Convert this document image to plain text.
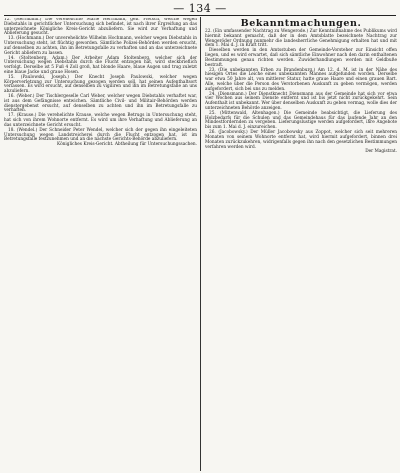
— 134 —

12. (Herrmann.) Die verehelichte Marie Herrmann, geb. Pietsch, welche wegen Diebstahls in gerichtlicher Untersuchung sich befindet, ist nach ihrer Ergreifung an das unterzeichnete Königliche Kreis-Gericht abzuliefern. Sie wird zur Verhaftung und Ablieferung gesucht.

13. (Hochmann.) Der unverehelichte Wilhelm Hochmann, welcher wegen Diebstahls in Untersuchung steht, ist flüchtig geworden. Sämtliche Polizei-Behörden werden ersucht, auf denselben zu achten, ihn im Betretungsfalle zu verhaften und an das unterzeichnete Gericht abliefern zu lassen.

14. (Stoltenberg, Adam.) Der Arbeiter Adam Stoltenberg, welcher sich der Untersuchung wegen Diebstahls durch die Flucht entzogen hat, wird steckbrieflich verfolgt. Derselbe ist 5 Fuß 4 Zoll groß, hat blonde Haare, blaue Augen und trug zuletzt eine blaue Jacke und graue Hosen.

15. (Paulowski, Joseph.) Der Knecht Joseph Paulowski, welcher wegen Körperverletzung zur Untersuchung gezogen werden soll, hat seinen Aufenthaltsort verlassen. Es wird ersucht, auf denselben zu vigiliren und ihn im Betretungsfalle an uns abzuliefern.

16. (Weber.) Der Tischlergeselle Carl Weber, welcher wegen Diebstahls verhaftet war, ist aus dem Gefängnisse entwichen. Sämtliche Civil- und Militair-Behörden werden dienstergebenst ersucht, auf denselben zu achten und ihn im Betretungsfalle zu verhaften.

17. (Krause.) Die verehelichte Krause, welche wegen Betrugs in Untersuchung steht, hat sich von ihrem Wohnorte entfernt. Es wird um ihre Verhaftung und Ablieferung an das unterzeichnete Gericht ersucht.

18. (Wendel.) Der Schneider Peter Wendel, welcher sich der gegen ihn eingeleiteten Untersuchung wegen Landstreicherei durch die Flucht entzogen hat, ist im Betretungsfalle festzunehmen und an die nächste Gerichts-Behörde abzuliefern.

Königliches Kreis-Gericht. Abtheilung für Untersuchungssachen.

Bekanntmachungen.

22. (Ein umfassender Nachtrag zu Wengerode.) Zur Kenntnißnahme des Publikums wird hiermit bekannt gemacht, daß der in dem Amtsblatte bezeichnete Nachtrag zur Wengeröder Ordnung nunmehr die landesherrliche Genehmigung erhalten hat und mit dem 1. Mai d. J. in Kraft tritt.

Dieselben werden in den Amtsstuben der Gemeinde-Vorsteher zur Einsicht offen liegen, und es wird erwartet, daß sich sämtliche Einwohner nach den darin enthaltenen Bestimmungen genau richten werden. Zuwiderhandlungen werden mit Geldbuße bestraft.

23. (Die unbekannten Erben zu Brandenburg.) Am 12. d. M. ist in der Nähe des hiesigen Ortes die Leiche eines unbekannten Mannes aufgefunden worden. Derselbe war etwa 50 Jahre alt, von mittlerer Statur, hatte graue Haare und einen grauen Bart. Alle, welche über die Person des Verstorbenen Auskunft zu geben vermögen, werden aufgefordert, sich bei uns zu melden.

24. (Diensmann.) Der Dienstknecht Diensmann aus der Gemeinde hat sich vor etwa vier Wochen aus seinem Dienste entfernt und ist bis jetzt nicht zurückgekehrt. Sein Aufenthalt ist unbekannt. Wer über denselben Auskunft zu geben vermag, wolle dies der unterzeichneten Behörde anzeigen.

25. (Mittenwald, Altenhagen.) Die Gemeinde beabsichtigt, die Lieferung des Holzbedarfs für die Schulen und das Gemeindehaus für das laufende Jahr an den Mindestfordernden zu vergeben. Lieferungslustige werden aufgefordert, ihre Angebote bis zum 1. Mai d. J. einzureichen.

26. (Jacobowsky.) Der Müller Jacobowsky aus Zoppot, welcher sich seit mehreren Monaten von seinem Wohnorte entfernt hat, wird hiermit aufgefordert, binnen drei Monaten zurückzukehren, widrigenfalls gegen ihn nach den gesetzlichen Bestimmungen verfahren werden wird.

Der Magistrat.
